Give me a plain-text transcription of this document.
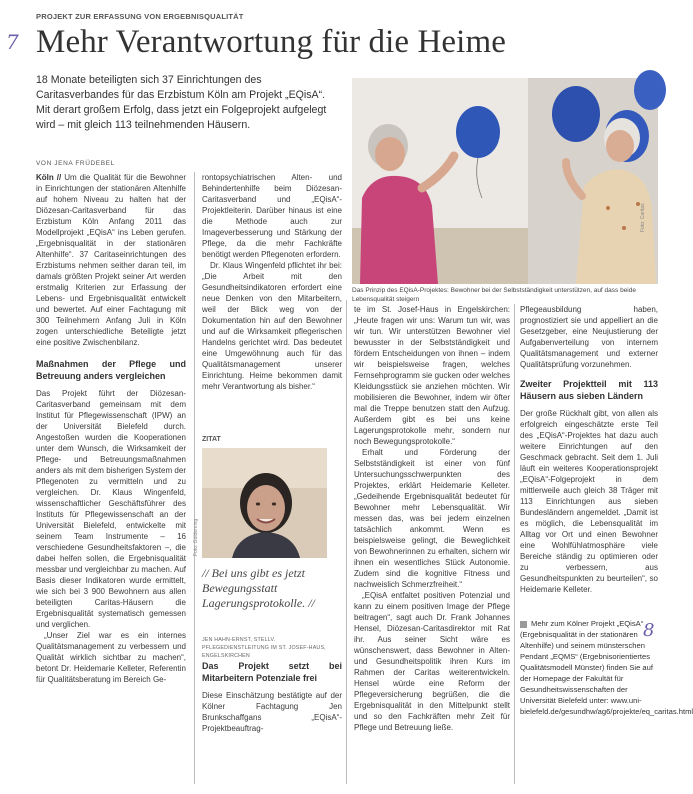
PROJEKT ZUR ERFASSUNG VON ERGEBNISQUALITÄT
7 Mehr Verantwortung für die Heime
18 Monate beteiligten sich 37 Einrichtungen des Caritasverbandes für das Erzbistum Köln am Projekt „EQisA“. Mit derart großem Erfolg, dass jetzt ein Folgeprojekt aufgelegt wird – mit gleich 113 teilnehmenden Häusern.
VON JENA FRÜDEBEL

Köln // Um die Qualität für die Bewohner in Einrichtungen der stationären Altenhilfe auf hohem Niveau zu halten hat der Diözesan-Caritasverband für das Erzbistum Köln Anfang 2011 das Modellprojekt „EQisA“ ins Leben gerufen. „Ergebnisqualität in der stationären Altenhilfe“. 37 Caritaseinrichtungen des Erzbistums nehmen seither daran teil, im damals größten Projekt seiner Art werden erstmalig Kriterien zur Erfassung der Lebens- und Ergebnisqualität entwickelt und bewertet. Auf einer Fachtagung mit 300 Teilnehmern Anfang Juli in Köln zogen unterschiedliche Beteiligte jetzt eine positive Zwischenbilanz.

Maßnahmen der Pflege und Betreuung anders vergleichen

Das Projekt führt der Diözesan-Caritasverband gemeinsam mit dem Institut für Pflegewissenschaft (IPW) an der Universität Bielefeld durch. Angestoßen wurden die Kooperationen unter dem Wunsch, die Wirksamkeit der Pflege- und Betreuungsmaßnahmen anders als mit dem bisherigen System der Pflegenoten zu vermitteln und zu vergleichen. Dr. Klaus Wingenfeld, wissenschaftlicher Geschäftsführer des Instituts für Pflegewissenschaft an der Universität Bielefeld, entwickelte mit seinem Team Instrumente – 16 verschiedene Gesundheitsfaktoren –, die dabei helfen sollen, die Ergebnisqualität messbar und vergleichbar zu machen. Auf Basis dieser Indikatoren wurde ermittelt, wie sich bei 3 900 Bewohnern aus allen beteiligten Caritas-Häusern die Ergebnisqualität systematisch gemessen und verglichen.

„Unser Ziel war es ein internes Qualitätsmanagement zu verbessern und Qualität wirklich sichtbar zu machen“, betont Dr. Heidemarie Kelleter, Referentin für Qualitätsberatung im Bereich Ge-

rontopsychiatrischen Alten- und Behindertenhilfe beim Diözesan-Caritasverband und „EQisA“-Projektleiterin. Darüber hinaus ist eine die Methode auch zur Imageverbesserung und Stärkung der Pflege, da die mehr Fachkräfte benötigt werden Pflegenoten erfordern.

Dr. Klaus Wingenfeld pflichtet ihr bei: „Die Arbeit mit den Gesundheitsindikatoren erfordert eine neue Denken von den Mitarbeitern, weil der Blick weg von der Dokumentation hin auf den Bewohner und auf die Wirksamkeit pflegerischen Handelns gerichtet wird. Das bedeutet eine Umgewöhnung auch für das Qualitätsmanagement unserer Einrichtung. Heime bekommen damit mehr Verantwortung als bisher.“

ZITAT
Foto: Güldenring
// Bei uns gibt es jetzt Bewegungsstatt Lagerungsprotokolle. //
JEN HAHN-ERNST, STELLV. PFLEGEDIENSTLEITUNG IM ST. JOSEF-HAUS, ENGELSKIRCHEN
Das Projekt setzt bei Mitarbeitern Potenziale frei

Diese Einschätzung bestätigte auf der Kölner Fachtagung Jen Brunkschaffgans „EQisA“-Projektbeauftrag-

Foto: Caritas
Das Prinzip des EQisA-Projektes: Bewohner bei der Selbstständigkeit unterstützen, auf dass beide Lebensqualität steigern

te im St. Josef-Haus in Engelskirchen: „Heute fragen wir uns: Warum tun wir, was wir tun. Wir unterstützen Bewohner viel bewusster in der Selbstständigkeit und fördern Entscheidungen von ihnen – indem wir beispielsweise fragen, welches Fernsehprogramm sie gucken oder welches Kleidungsstück sie anziehen möchten. Wir mobilisieren die Bewohner, indem wir öfter mal die Treppe benutzen statt den Aufzug. Außerdem gibt es bei uns keine Lagerungsprotokolle mehr, sondern nur noch Bewegungsprotokolle.“

Erhalt und Förderung der Selbstständigkeit ist einer von fünf Untersuchungsschwerpunkten des Projektes, erklärt Heidemarie Kelleter. „Gedeihende Ergebnisqualität bedeutet für Bewohner mehr Lebensqualität. Wir messen das, was bei jedem einzelnen tatsächlich ankommt. Wenn es beispielsweise gelingt, die Beweglichkeit von Bewohnerinnen zu erhalten, sichern wir ihnen ein wesentliches Stück Autonomie. Zudem sind die kognitive Fitness und nachweislich Schmerzfreiheit.“

„EQisA entfaltet positiven Potenzial und kann zu einem positiven Image der Pflege beitragen“, sagt auch Dr. Frank Johannes Hensel, Diözesan-Caritasdirektor mit Rat ihr. Aus seiner Sicht wäre es wünschenswert, dass Bewohner in Alten- und Gesundheitspolitik ihren Kurs im Rahmen der Caritas weiterentwickeln. Hensel würde eine Reform der Pflegeversicherung begrüßen, die die Ergebnisqualität in den Mittelpunkt stellt und so den Fachkräften mehr Zeit für Pflege und Betreuung ließe.

Pflegeausbildung haben, prognostiziert sie und appelliert an die Gesetzgeber, eine Neujustierung der Aufgabenverteilung von internem Qualitätsmanagement und externer Qualitätsprüfung vorzunehmen.

Zweiter Projektteil mit 113 Häusern aus sieben Ländern

Der große Rückhalt gibt, von allen als erfolgreich eingeschätzte erste Teil des „EQisA“-Projektes hat dazu auch weitere Einrichtungen auf den Geschmack gebracht. Seit dem 1. Juli läuft ein weiteres Kooperationsprojekt „EQisA“-Folgeprojekt in dem mittlerweile auch gleich 38 Träger mit 113 Einrichtungen aus sieben Bundesländern angemeldet. „Damit ist es möglich, die Lebensqualität im Alltag vor Ort und einen Bewohner eine Wohlfühlatmosphäre viele Bereiche ständig zu optimieren oder zu verbessern, aus Gesundheitspunkten zu beurteilen“, so Heidemarie Kelleter.

Mehr zum Kölner Projekt „EQisA“ (Ergebnisqualität in der stationären Altenhilfe) und seinem münsterschen Pendant „EQMS“ (Ergebnisorientiertes Qualitätsmodell Münster) finden Sie auf der Homepage der Fakultät für Gesundheitswissenschaften der Universität Bielefeld unter: www.uni-bielefeld.de/gesundhw/ag6/projekte/eq_caritas.html
8
